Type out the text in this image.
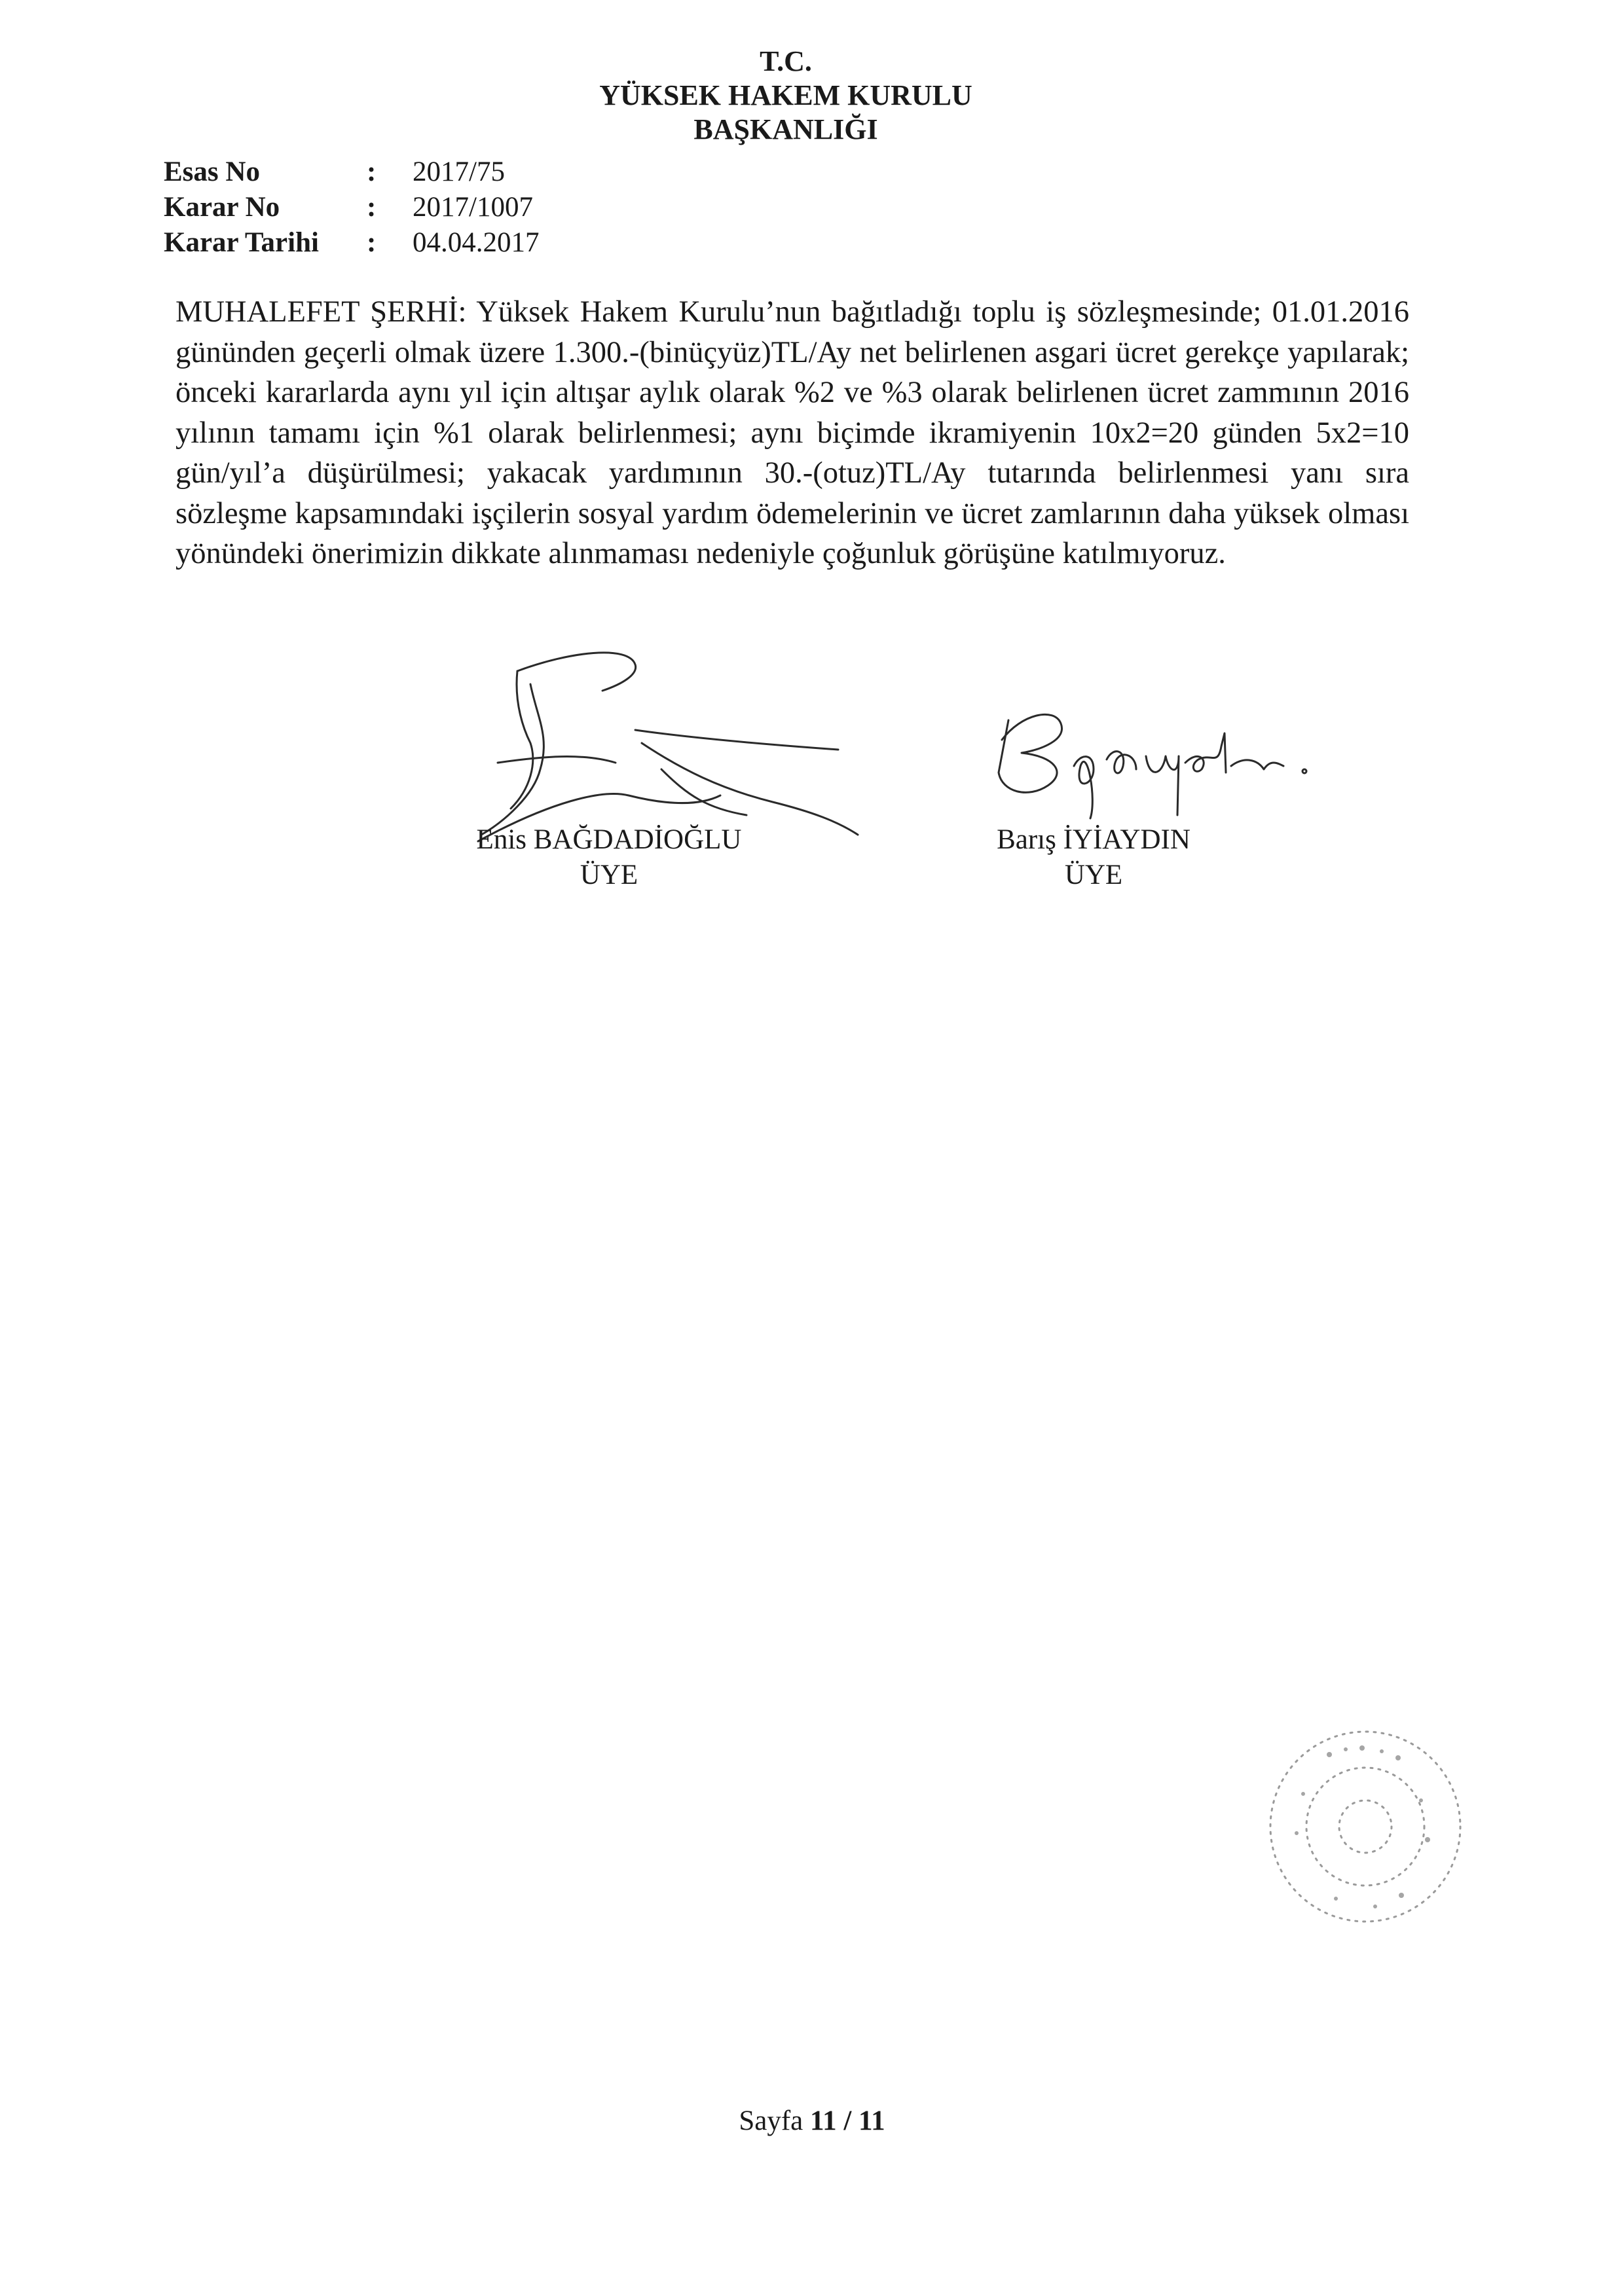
T.C.
YÜKSEK HAKEM KURULU
BAŞKANLIĞI
Esas No	: 2017/75
Karar No	: 2017/1007
Karar Tarihi : 04.04.2017

MUHALEFET ŞERHİ: Yüksek Hakem Kurulu’nun bağıtladığı toplu iş sözleşmesinde; 01.01.2016 gününden geçerli olmak üzere 1.300.-(binüçyüz)TL/Ay net belirlenen asgari ücret gerekçe yapılarak; önceki kararlarda aynı yıl için altışar aylık olarak %2 ve %3 olarak belirlenen ücret zammının 2016 yılının tamamı için %1 olarak belirlenmesi; aynı biçimde ikramiyenin 10x2=20 günden 5x2=10 gün/yıl’a düşürülmesi; yakacak yardımının 30.-(otuz)TL/Ay tutarında belirlenmesi yanı sıra sözleşme kapsamındaki işçilerin sosyal yardım ödemelerinin ve ücret zamlarının daha yüksek olması yönündeki önerimizin dikkate alınmaması nedeniyle çoğunluk görüşüne katılmıyoruz.

Enis BAĞDADİOĞLU
ÜYE
Barış İYİAYDIN
ÜYE
Sayfa 11 / 11
